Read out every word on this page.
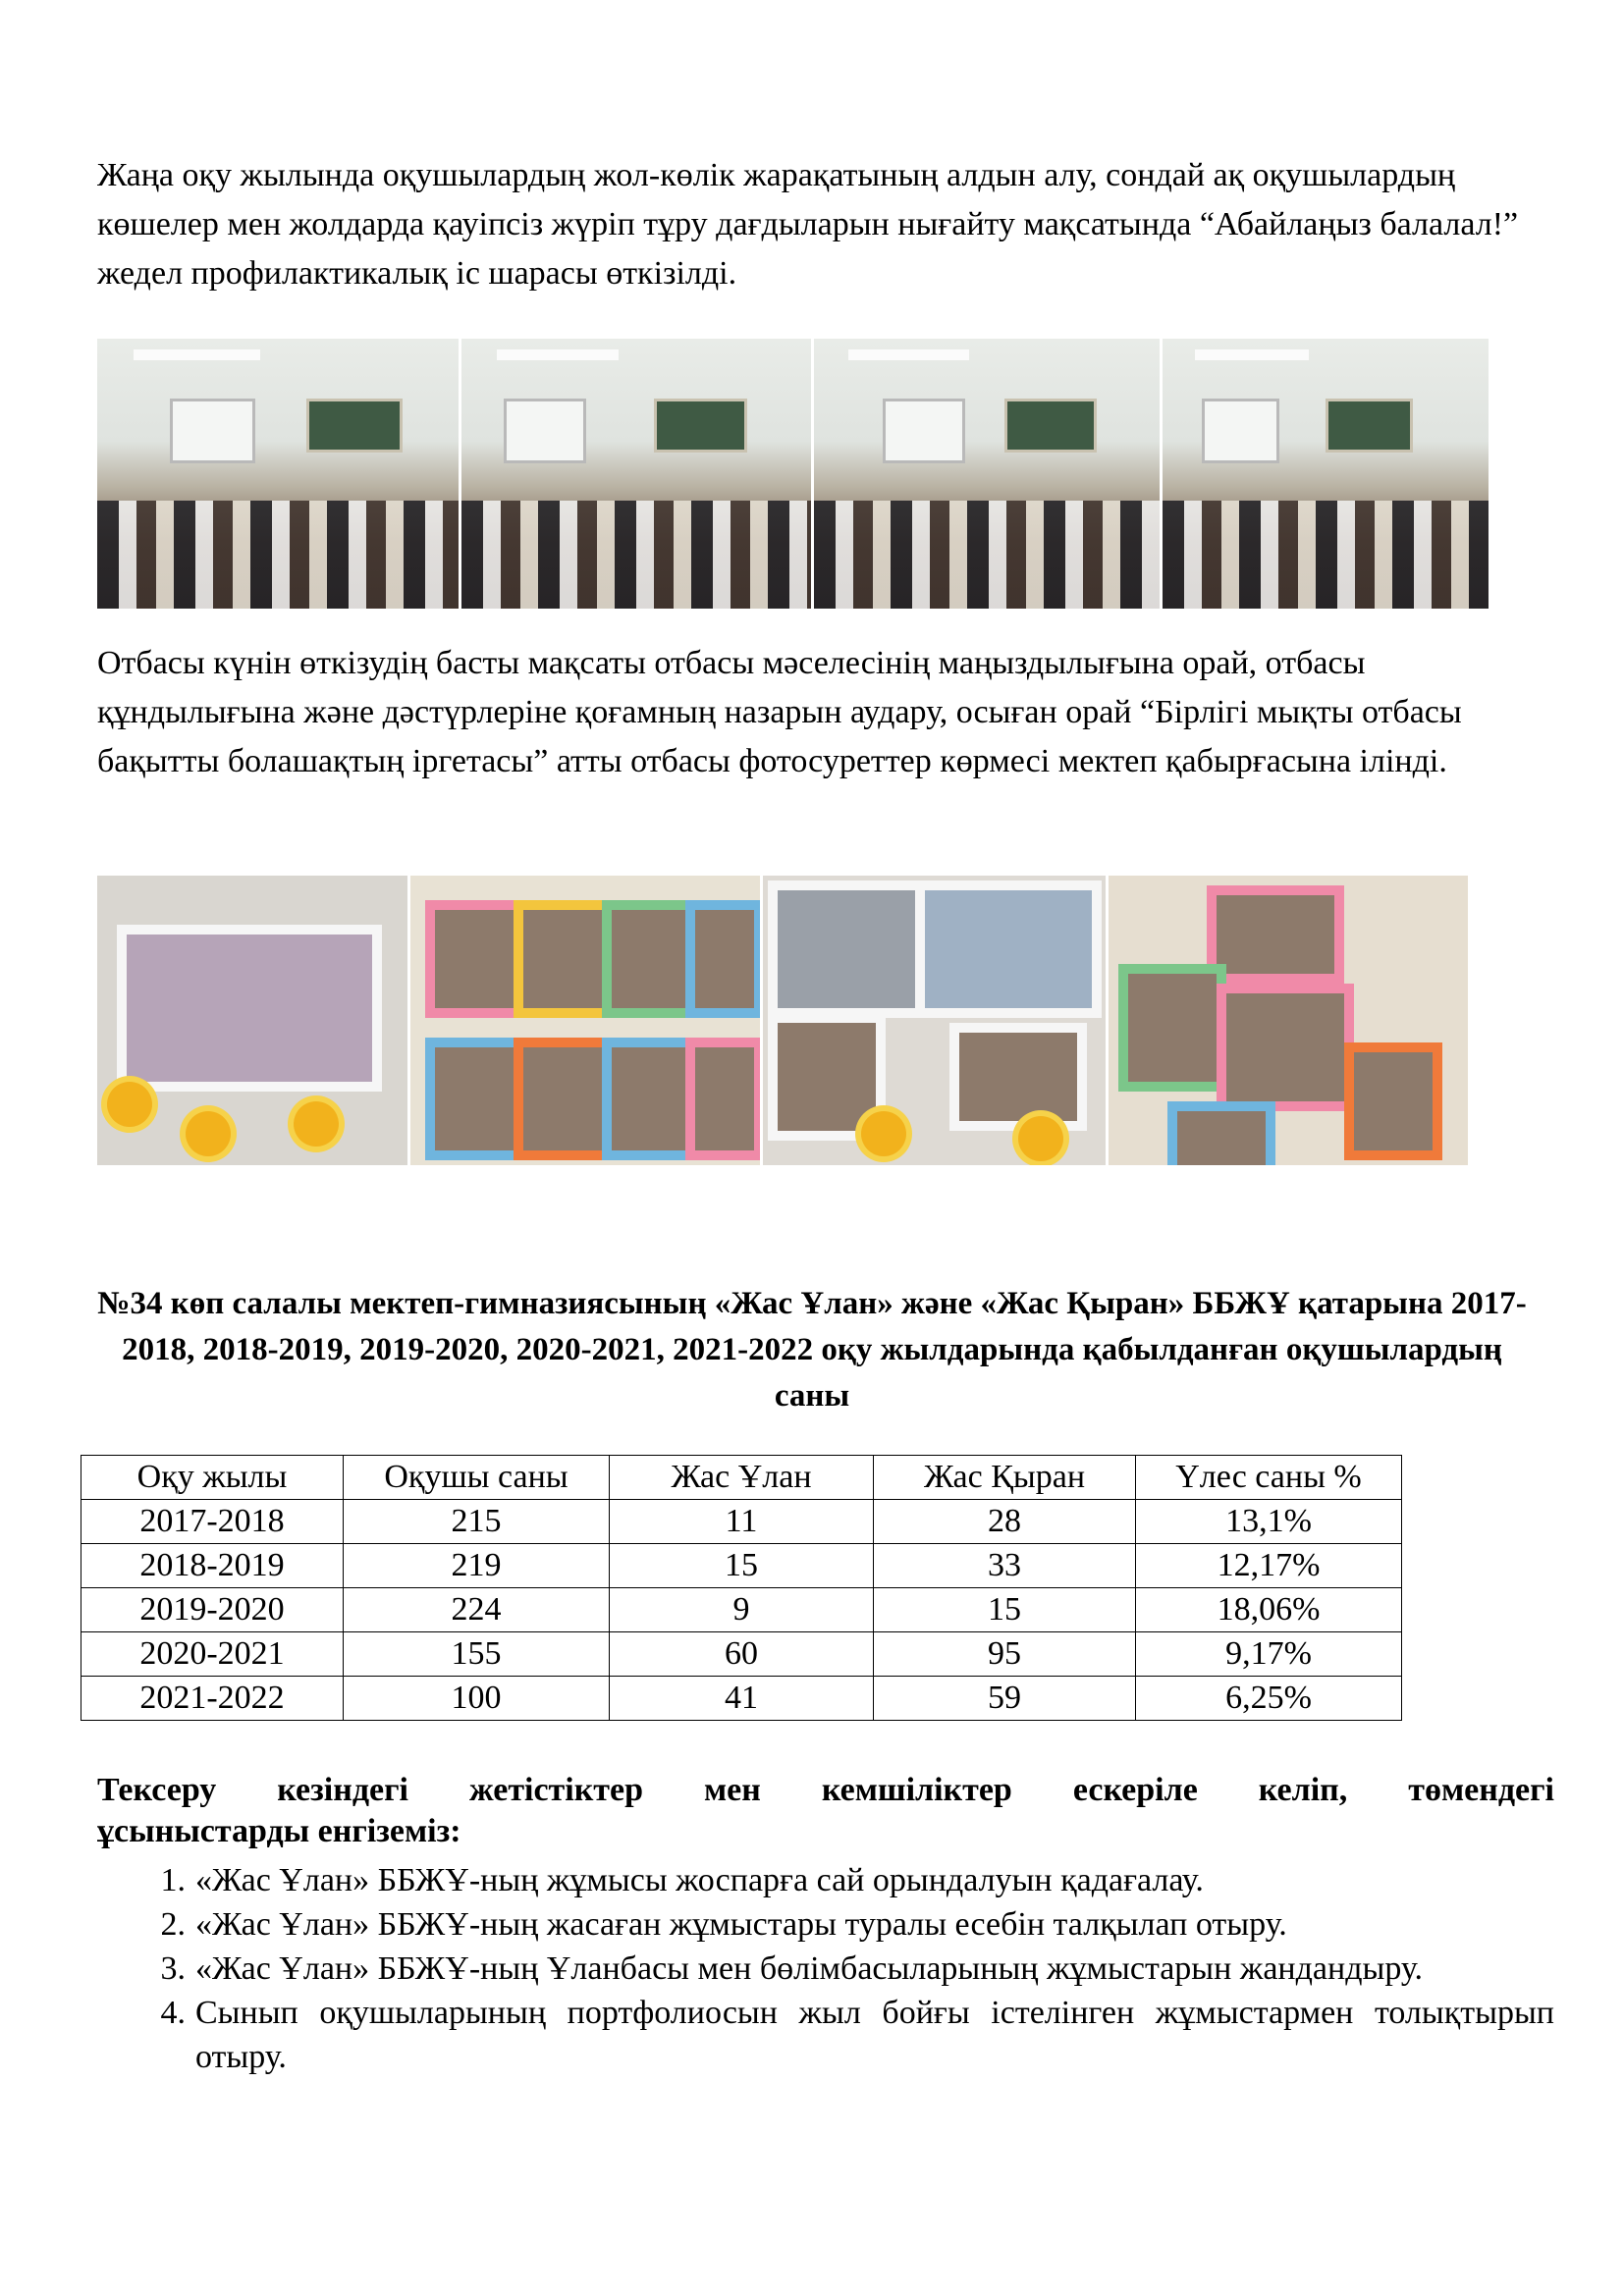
Жаңа оқу жылында оқушылардың жол-көлік жарақатының алдын алу, сондай ақ оқушылардың көшелер мен жолдарда қауіпсіз жүріп тұру дағдыларын нығайту мақсатында “Абайлаңыз балалал!” жедел профилактикалық іс шарасы өткізілді.
Отбасы күнін өткізудің басты мақсаты отбасы мәселесінің маңыздылығына орай, отбасы құндылығына және дәстүрлеріне қоғамның назарын аудару, осыған орай “Бірлігі мықты отбасы бақытты болашақтың іргетасы” атты отбасы фотосуреттер көрмесі мектеп қабырғасына ілінді.
№34 көп салалы мектеп-гимназиясының «Жас Ұлан» және «Жас Қыран» ББЖҰ қатарына 2017-2018, 2018-2019, 2019-2020, 2020-2021, 2021-2022 оқу жылдарында қабылданған оқушылардың саны
Оқу жылы	Оқушы саны	Жас Ұлан	Жас Қыран	Үлес саны %
2017-2018	215	11	28	13,1%
2018-2019	219	15	33	12,17%
2019-2020	224	9	15	18,06%
2020-2021	155	60	95	9,17%
2021-2022	100	41	59	6,25%
Тексеру кезіндегі жетістіктер мен кемшіліктер ескеріле келіп, төмендегі
ұсыныстарды енгіземіз:
1. «Жас Ұлан» ББЖҰ-ның жұмысы жоспарға сай орындалуын қадағалау.
2. «Жас Ұлан» ББЖҰ-ның жасаған жұмыстары туралы есебін талқылап отыру.
3. «Жас Ұлан» ББЖҰ-ның Ұланбасы мен бөлімбасыларының жұмыстарын жандандыру.
4. Сынып оқушыларының портфолиосын жыл бойғы істелінген жұмыстармен толықтырып отыру.
